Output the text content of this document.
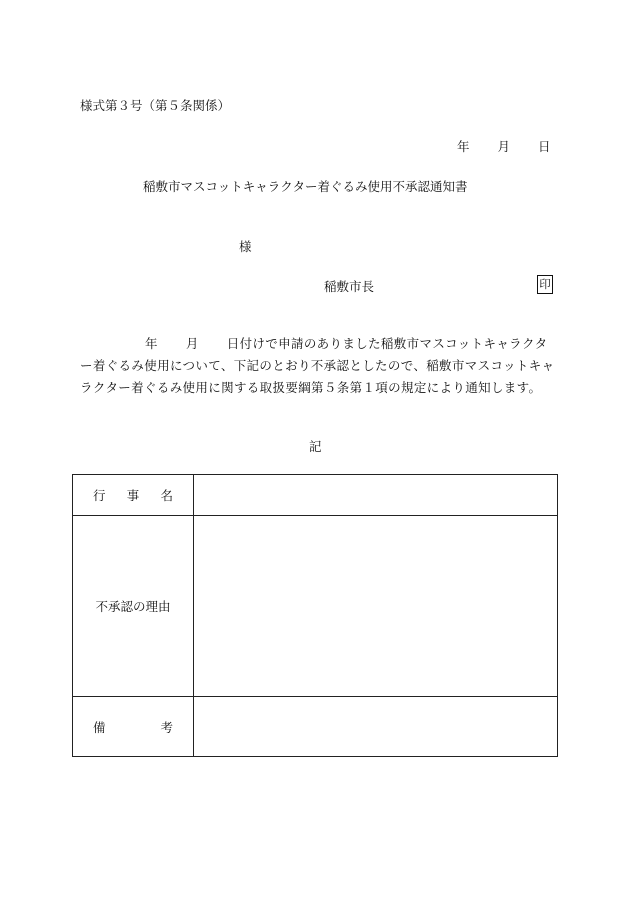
様式第３号（第５条関係）
年 月 日
稲敷市マスコットキャラクター着ぐるみ使用不承認通知書
様
稲敷市長	印
年 月 日付けで申請のありました稲敷市マスコットキャラクター着ぐるみ使用について、下記のとおり不承認としたので、稲敷市マスコットキャラクター着ぐるみ使用に関する取扱要綱第５条第１項の規定により通知します。
記
行 事 名	

不承認の理由	

備 考	
